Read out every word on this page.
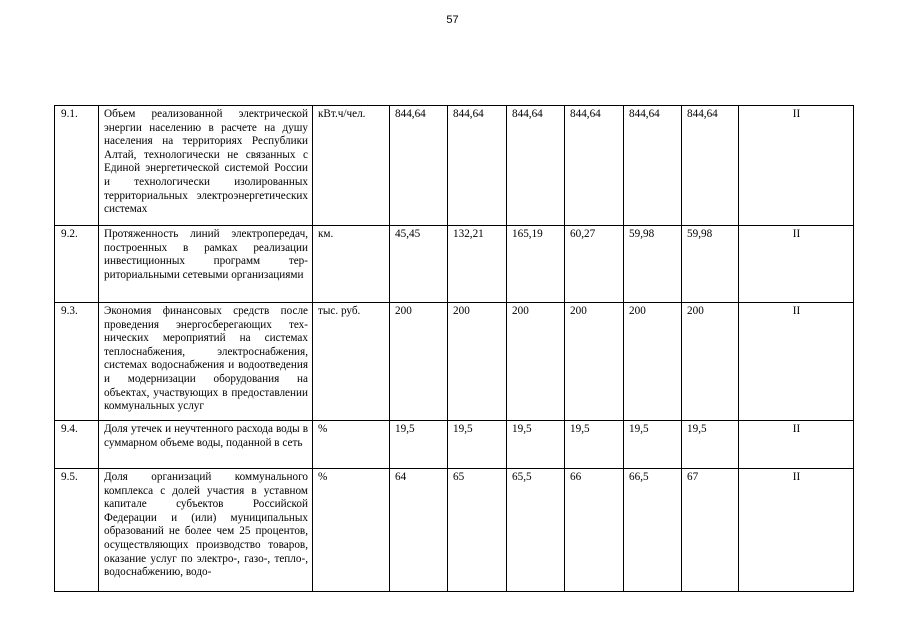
57
9.1.	Объем реализованной электрической энергии населению в расчете на душу населения на территориях Республики Алтай, технологически не связанных с Единой энергетической системой России и технологически изолированных территориальных электроэнергетических системах	кВт.ч/чел.	844,64	844,64	844,64	844,64	844,64	844,64	II
9.2.	Протяженность линий электропередач, построенных в рамках реализации инвестиционных программ территориальными сетевыми организациями	км.	45,45	132,21	165,19	60,27	59,98	59,98	II
9.3.	Экономия финансовых средств после проведения энергосберегающих технических мероприятий на системах теплоснабжения, электроснабжения, системах водоснабжения и водоотведения и модернизации оборудования на объектах, участвующих в предоставлении коммунальных услуг	тыс. руб.	200	200	200	200	200	200	II
9.4.	Доля утечек и неучтенного расхода воды в суммарном объеме воды, поданной в сеть	%	19,5	19,5	19,5	19,5	19,5	19,5	II
9.5.	Доля организаций коммунального комплекса с долей участия в уставном капитале субъектов Российской Федерации и (или) муниципальных образований не более чем 25 процентов, осуществляющих производство товаров, оказание услуг по электро-, газо-, тепло-, водоснабжению, водо-	%	64	65	65,5	66	66,5	67	II
